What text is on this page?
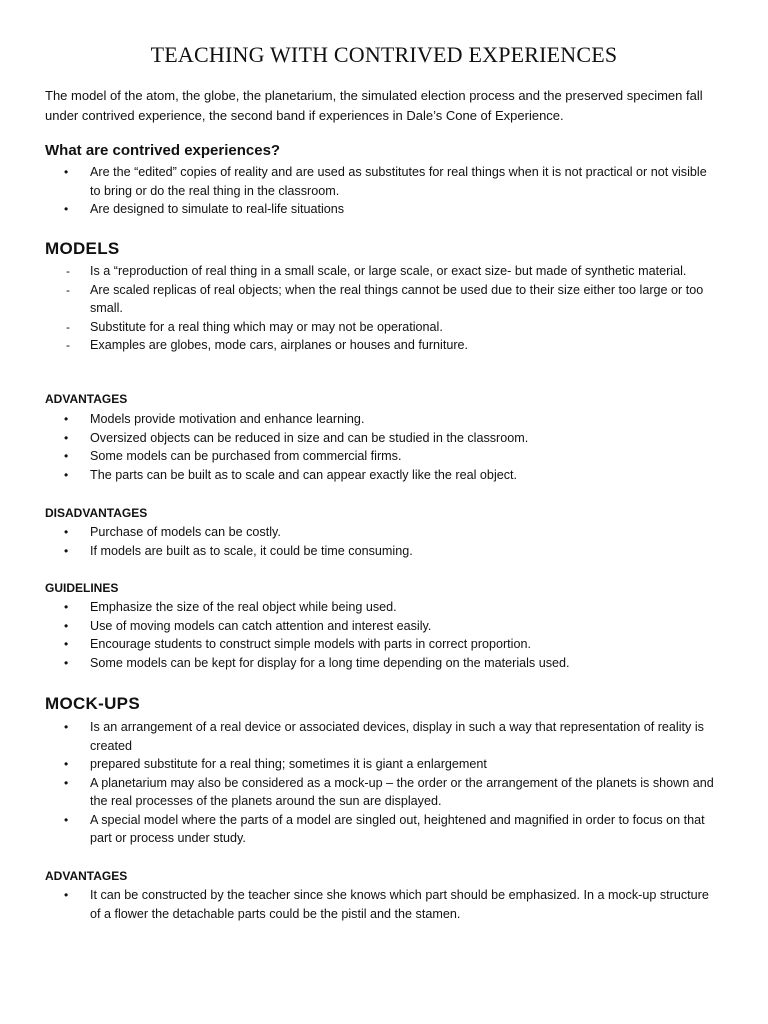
TEACHING WITH CONTRIVED EXPERIENCES

The model of the atom, the globe, the planetarium, the simulated election process and the preserved specimen fall under contrived experience, the second band if experiences in Dale’s Cone of Experience.

What are contrived experiences?
•	Are the “edited” copies of reality and are used as substitutes for real things when it is not practical or not visible to bring or do the real thing in the classroom.
•	Are designed to simulate to real-life situations
MODELS
-	Is a “reproduction of real thing in a small scale, or large scale, or exact size- but made of synthetic material.
-	Are scaled replicas of real objects; when the real things cannot be used due to their size either too large or too small.
-	Substitute for a real thing which may or may not be operational.
-	Examples are globes, mode cars, airplanes or houses and furniture.
ADVANTAGES
•	Models provide motivation and enhance learning.
•	Oversized objects can be reduced in size and can be studied in the classroom.
•	Some models can be purchased from commercial firms.
•	The parts can be built as to scale and can appear exactly like the real object.
DISADVANTAGES
•	Purchase of models can be costly.
•	If models are built as to scale, it could be time consuming.
GUIDELINES
•	Emphasize the size of the real object while being used.
•	Use of moving models can catch attention and interest easily.
•	Encourage students to construct simple models with parts in correct proportion.
•	Some models can be kept for display for a long time depending on the materials used.
MOCK-UPS
•	Is an arrangement of a real device or associated devices, display in such a way that representation of reality is created
•	prepared substitute for a real thing; sometimes it is giant a enlargement
•	A planetarium may also be considered as a mock-up – the order or the arrangement of the planets is shown and the real processes of the planets around the sun are displayed.
•	A special model where the parts of a model are singled out, heightened and magnified in order to focus on that part or process under study.
ADVANTAGES
•	It can be constructed by the teacher since she knows which part should be emphasized. In a mock-up structure of a flower the detachable parts could be the pistil and the stamen.
